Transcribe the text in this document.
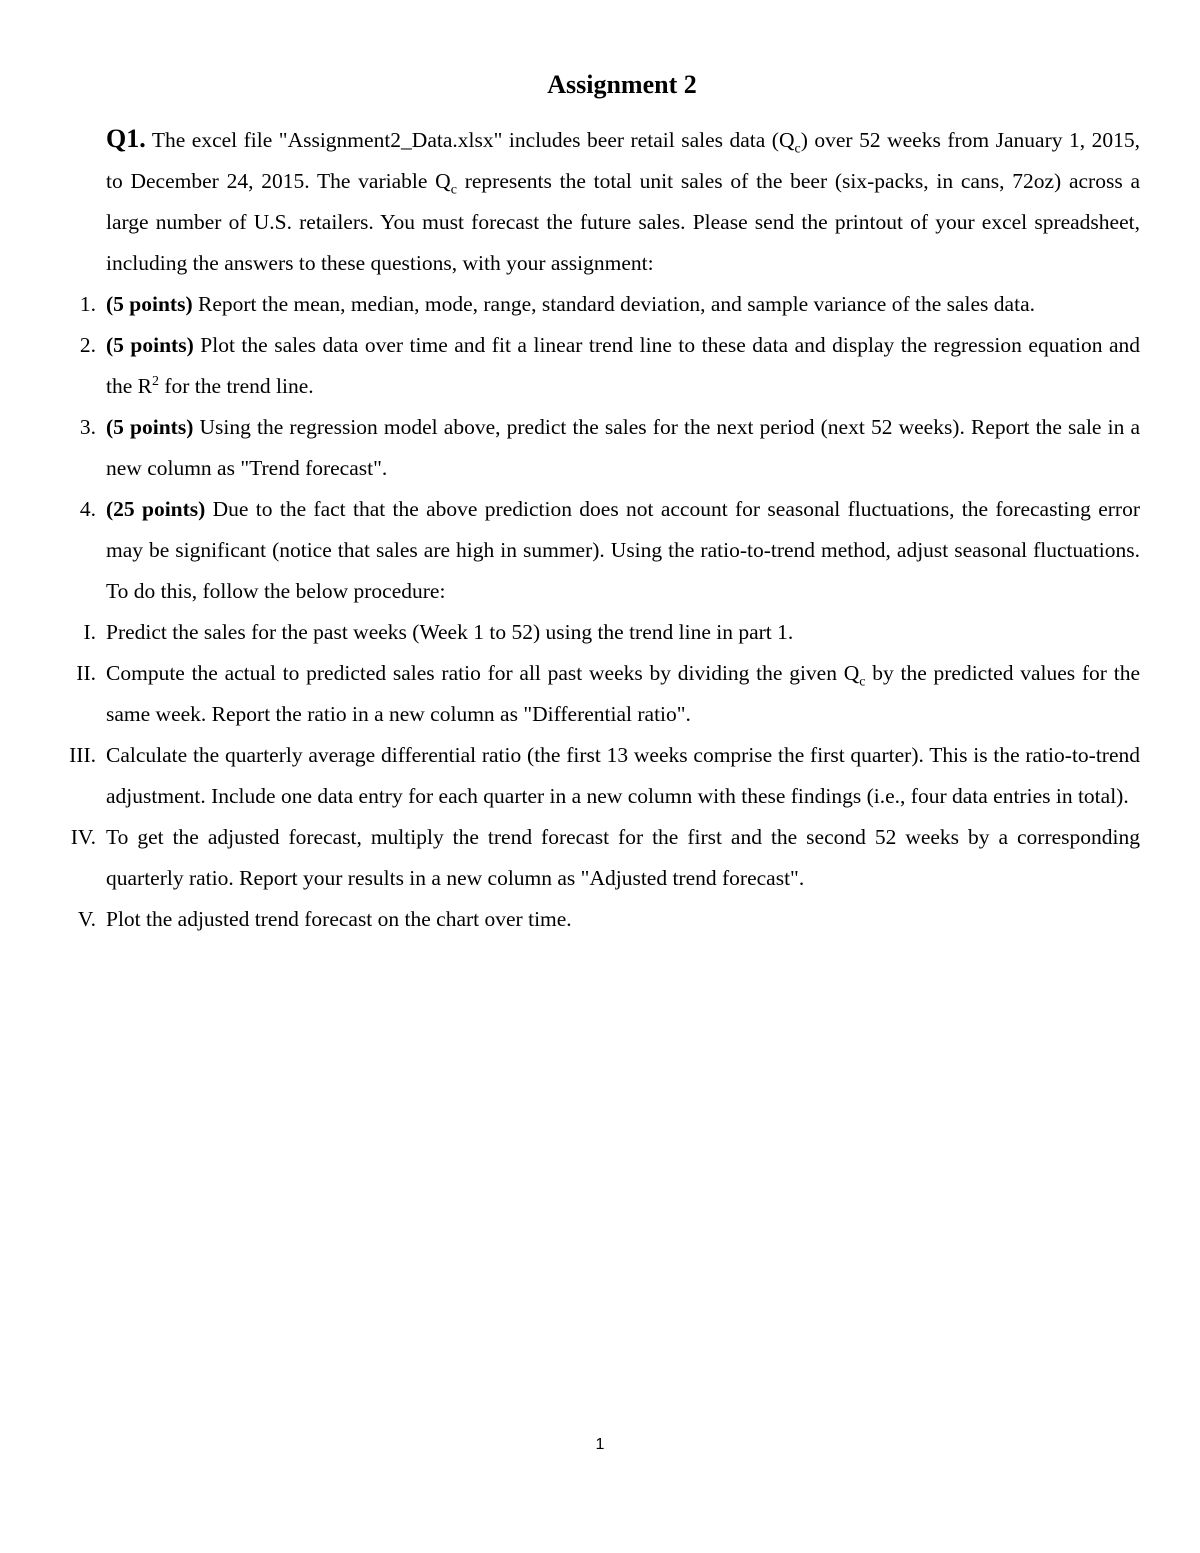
Assignment 2
Q1. The excel file "Assignment2_Data.xlsx" includes beer retail sales data $(Q_c)$ over 52 weeks from January 1, 2015, to December 24, 2015. The variable $Q_c$ represents the total unit sales of the beer (six-packs, in cans, 72oz) across a large number of U.S. retailers. You must forecast the future sales. Please send the printout of your excel spreadsheet, including the answers to these questions, with your assignment:
1. (5 points) Report the mean, median, mode, range, standard deviation, and sample variance of the sales data.
2. (5 points) Plot the sales data over time and fit a linear trend line to these data and display the regression equation and the $R^2$ for the trend line.
3. (5 points) Using the regression model above, predict the sales for the next period (next 52 weeks). Report the sale in a new column as "Trend forecast".
4. (25 points) Due to the fact that the above prediction does not account for seasonal fluctuations, the forecasting error may be significant (notice that sales are high in summer). Using the ratio-to-trend method, adjust seasonal fluctuations. To do this, follow the below procedure:
I. Predict the sales for the past weeks (Week 1 to 52) using the trend line in part 1.
II. Compute the actual to predicted sales ratio for all past weeks by dividing the given $Q_c$ by the predicted values for the same week. Report the ratio in a new column as "Differential ratio".
III. Calculate the quarterly average differential ratio (the first 13 weeks comprise the first quarter). This is the ratio-to-trend adjustment. Include one data entry for each quarter in a new column with these findings (i.e., four data entries in total).
IV. To get the adjusted forecast, multiply the trend forecast for the first and the second 52 weeks by a corresponding quarterly ratio. Report your results in a new column as "Adjusted trend forecast".
V. Plot the adjusted trend forecast on the chart over time.
1
